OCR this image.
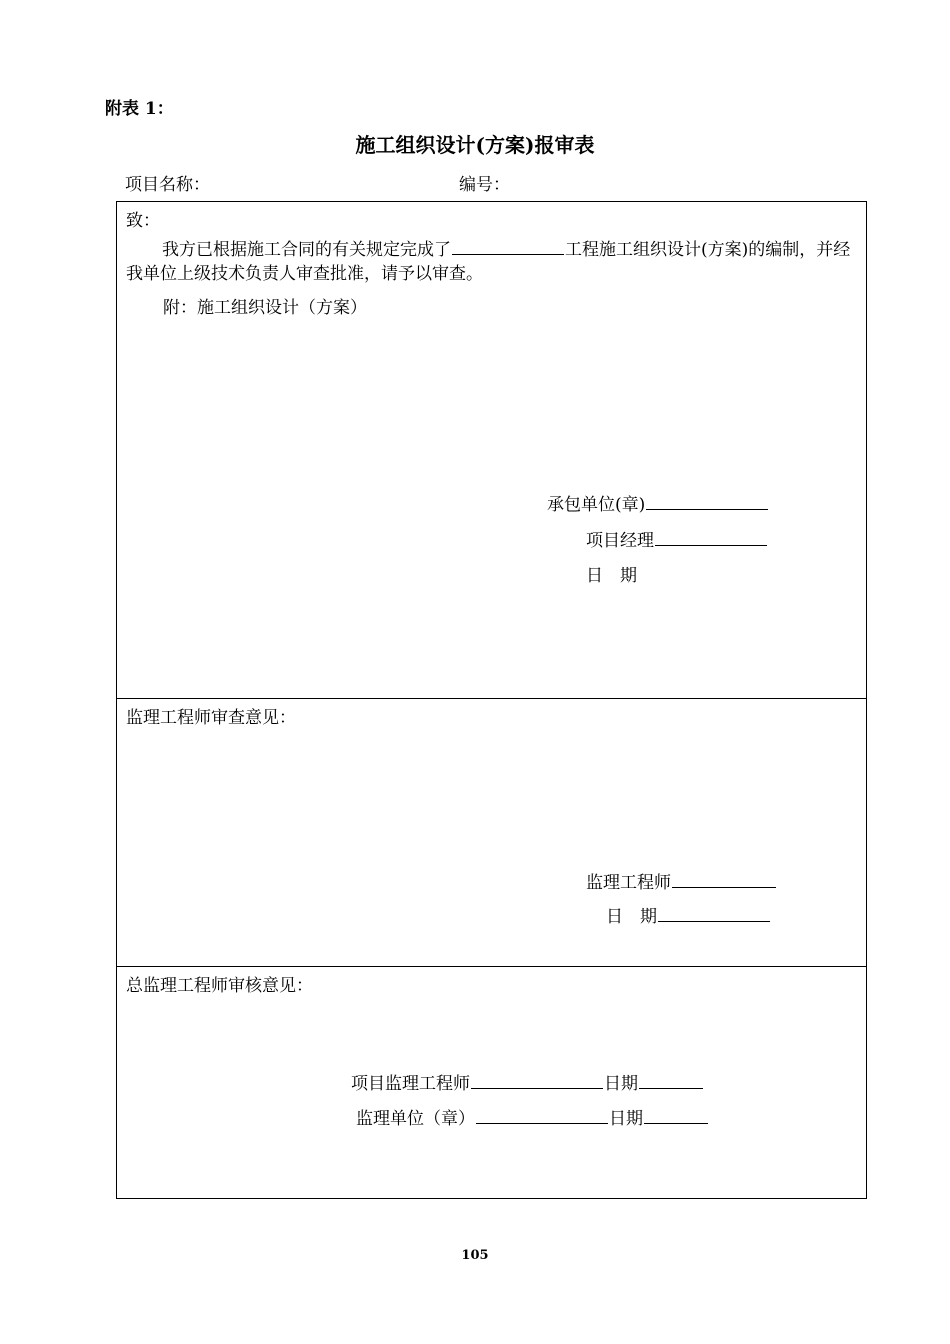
附表 1：
施工组织设计(方案)报审表
项目名称：	编号：
致：
我方已根据施工合同的有关规定完成了	工程施工组织设计(方案)的编制，并经我单位上级技术负责人审查批准，请予以审查。
附：施工组织设计（方案）
承包单位(章)
项目经理
日　期
监理工程师审查意见：
监理工程师
日　期
总监理工程师审核意见：
项目监理工程师	日期
监理单位（章）	日期
105
